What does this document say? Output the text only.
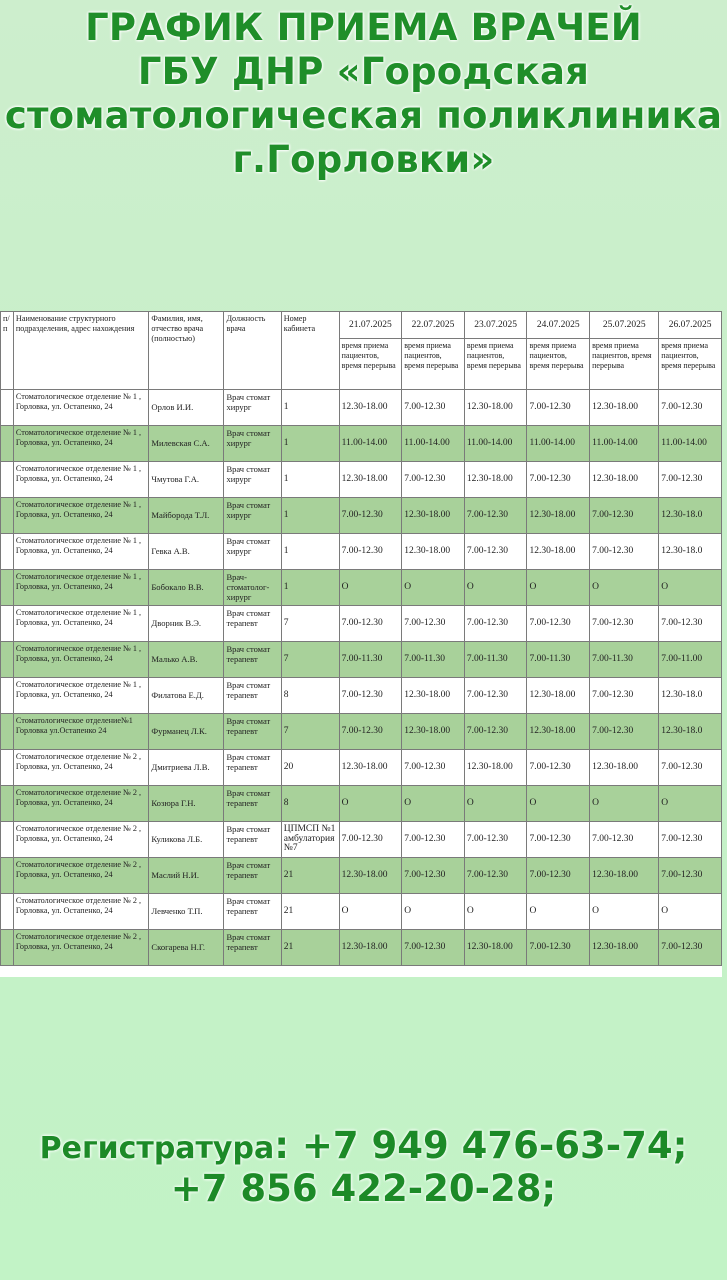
ГРАФИК ПРИЕМА ВРАЧЕЙ
ГБУ ДНР «Городская
стоматологическая поликлиника
г.Горловки»
п/п	Наименование структурного подразделения, адрес нахождения	Фамилия, имя, отчество врача (полностью)	Должность врача	Номер кабинета	21.07.2025	22.07.2025	23.07.2025	24.07.2025	25.07.2025	26.07.2025
					время приема пациентов, время перерыва	время приема пациентов, время перерыва	время приема пациентов, время перерыва	время приема пациентов, время перерыва	время приема пациентов, время перерыва	время приема пациентов, время перерыва
	Стоматологическое отделение № 1 , Горловка, ул. Остапенко, 24	Орлов И.И.	Врач стомат хирург	1	12.30-18.00	7.00-12.30	12.30-18.00	7.00-12.30	12.30-18.00	7.00-12.30
	Стоматологическое отделение № 1 , Горловка, ул. Остапенко, 24	Милевская С.А.	Врач стомат хирург	1	11.00-14.00	11.00-14.00	11.00-14.00	11.00-14.00	11.00-14.00	11.00-14.00
	Стоматологическое отделение № 1 , Горловка, ул. Остапенко, 24	Чмутова Г.А.	Врач стомат хирург	1	12.30-18.00	7.00-12.30	12.30-18.00	7.00-12.30	12.30-18.00	7.00-12.30
	Стоматологическое отделение № 1 , Горловка, ул. Остапенко, 24	Майборода Т.Л.	Врач стомат хирург	1	7.00-12.30	12.30-18.00	7.00-12.30	12.30-18.00	7.00-12.30	12.30-18.0
	Стоматологическое отделение № 1 , Горловка, ул. Остапенко, 24	Гевка А.В.	Врач стомат хирург	1	7.00-12.30	12.30-18.00	7.00-12.30	12.30-18.00	7.00-12.30	12.30-18.0
	Стоматологическое отделение № 1 , Горловка, ул. Остапенко, 24	Бобокало В.В.	Врач-стоматолог-хирург	1	О	О	О	О	О	О
	Стоматологическое отделение № 1 , Горловка, ул. Остапенко, 24	Дворник В.Э.	Врач стомат терапевт	7	7.00-12.30	7.00-12.30	7.00-12.30	7.00-12.30	7.00-12.30	7.00-12.30
	Стоматологическое отделение № 1 , Горловка, ул. Остапенко, 24	Малько А.В.	Врач стомат терапевт	7	7.00-11.30	7.00-11.30	7.00-11.30	7.00-11.30	7.00-11.30	7.00-11.00
	Стоматологическое отделение № 1 , Горловка, ул. Остапенко, 24	Филатова Е.Д.	Врач стомат терапевт	8	7.00-12.30	12.30-18.00	7.00-12.30	12.30-18.00	7.00-12.30	12.30-18.0
	Стоматологическое отделение№1 Горловка ул.Остапенко 24	Фурманец Л.К.	Врач стомат терапевт	7	7.00-12.30	12.30-18.00	7.00-12.30	12.30-18.00	7.00-12.30	12.30-18.0
	Стоматологическое отделение № 2 , Горловка, ул. Остапенко, 24	Дмитриева Л.В.	Врач стомат терапевт	20	12.30-18.00	7.00-12.30	12.30-18.00	7.00-12.30	12.30-18.00	7.00-12.30
	Стоматологическое отделение № 2 , Горловка, ул. Остапенко, 24	Козюра Г.Н.	Врач стомат терапевт	8	О	О	О	О	О	О
	Стоматологическое отделение № 2 , Горловка, ул. Остапенко, 24	Куликова Л.Б.	Врач стомат терапевт	ЦПМСП №1 амбулатория №7	7.00-12.30	7.00-12.30	7.00-12.30	7.00-12.30	7.00-12.30	7.00-12.30
	Стоматологическое отделение № 2 , Горловка, ул. Остапенко, 24	Маслий Н.И.	Врач стомат терапевт	21	12.30-18.00	7.00-12.30	7.00-12.30	7.00-12.30	12.30-18.00	7.00-12.30
	Стоматологическое отделение № 2 , Горловка, ул. Остапенко, 24	Левченко Т.П.	Врач стомат терапевт	21	О	О	О	О	О	О
	Стоматологическое отделение № 2 , Горловка, ул. Остапенко, 24	Скогарева Н.Г.	Врач стомат терапевт	21	12.30-18.00	7.00-12.30	12.30-18.00	7.00-12.30	12.30-18.00	7.00-12.30
Регистратура: +7 949 476-63-74;
+7 856 422-20-28;
